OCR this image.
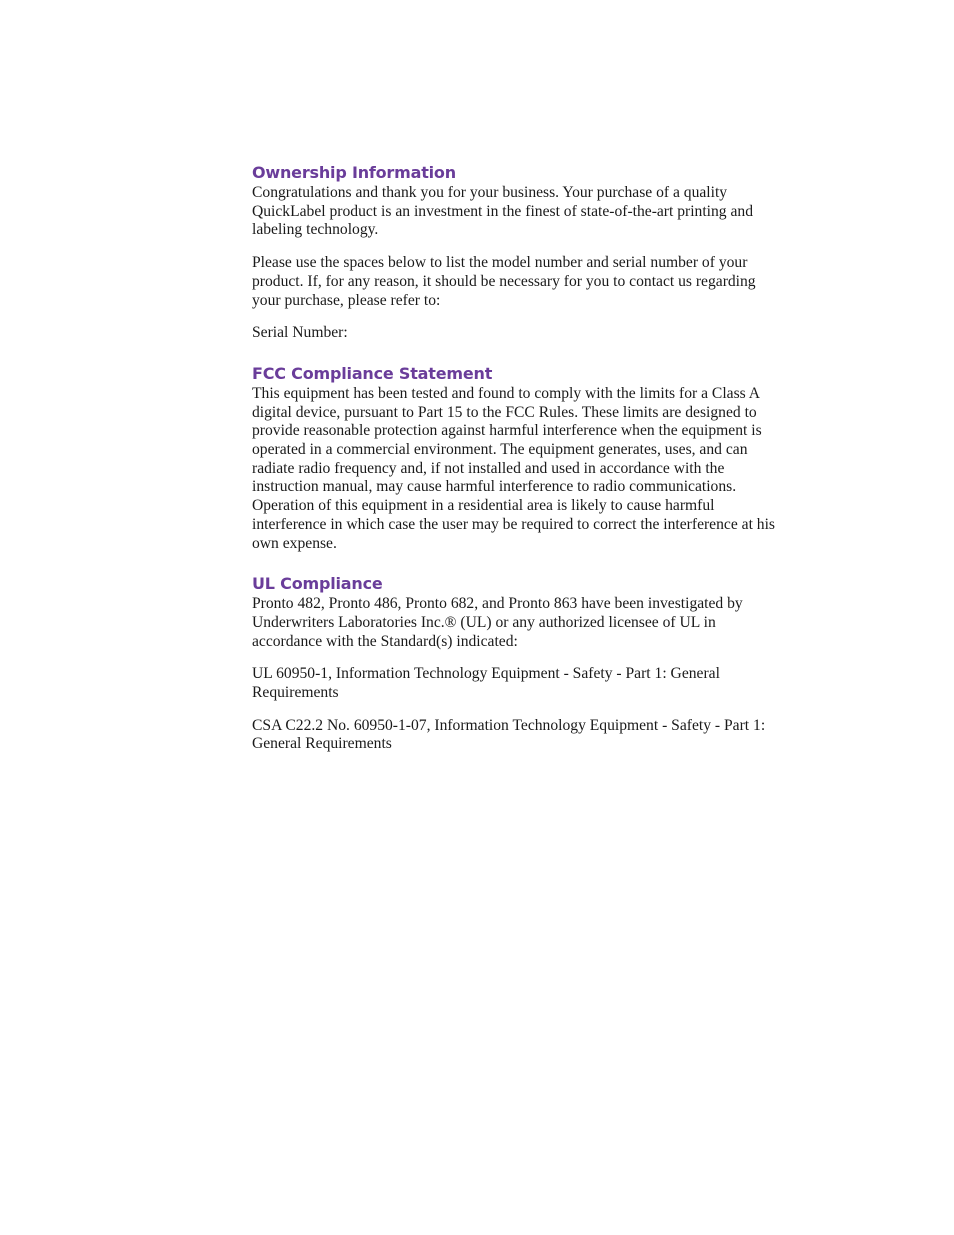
Ownership Information

Congratulations and thank you for your business. Your purchase of a quality QuickLabel product is an investment in the finest of state-of-the-art printing and labeling technology.

Please use the spaces below to list the model number and serial number of your product. If, for any reason, it should be necessary for you to contact us regarding your purchase, please refer to:

Serial Number:

FCC Compliance Statement

This equipment has been tested and found to comply with the limits for a Class A digital device, pursuant to Part 15 to the FCC Rules. These limits are designed to provide reasonable protection against harmful interference when the equipment is operated in a commercial environment. The equipment generates, uses, and can radiate radio frequency and, if not installed and used in accordance with the instruction manual, may cause harmful interference to radio communications. Operation of this equipment in a residential area is likely to cause harmful interference in which case the user may be required to correct the interference at his own expense.

UL Compliance

Pronto 482, Pronto 486, Pronto 682, and Pronto 863 have been investigated by Underwriters Laboratories Inc.® (UL) or any authorized licensee of UL in accordance with the Standard(s) indicated:

UL 60950-1, Information Technology Equipment - Safety - Part 1: General Requirements

CSA C22.2 No. 60950-1-07, Information Technology Equipment - Safety - Part 1: General Requirements
